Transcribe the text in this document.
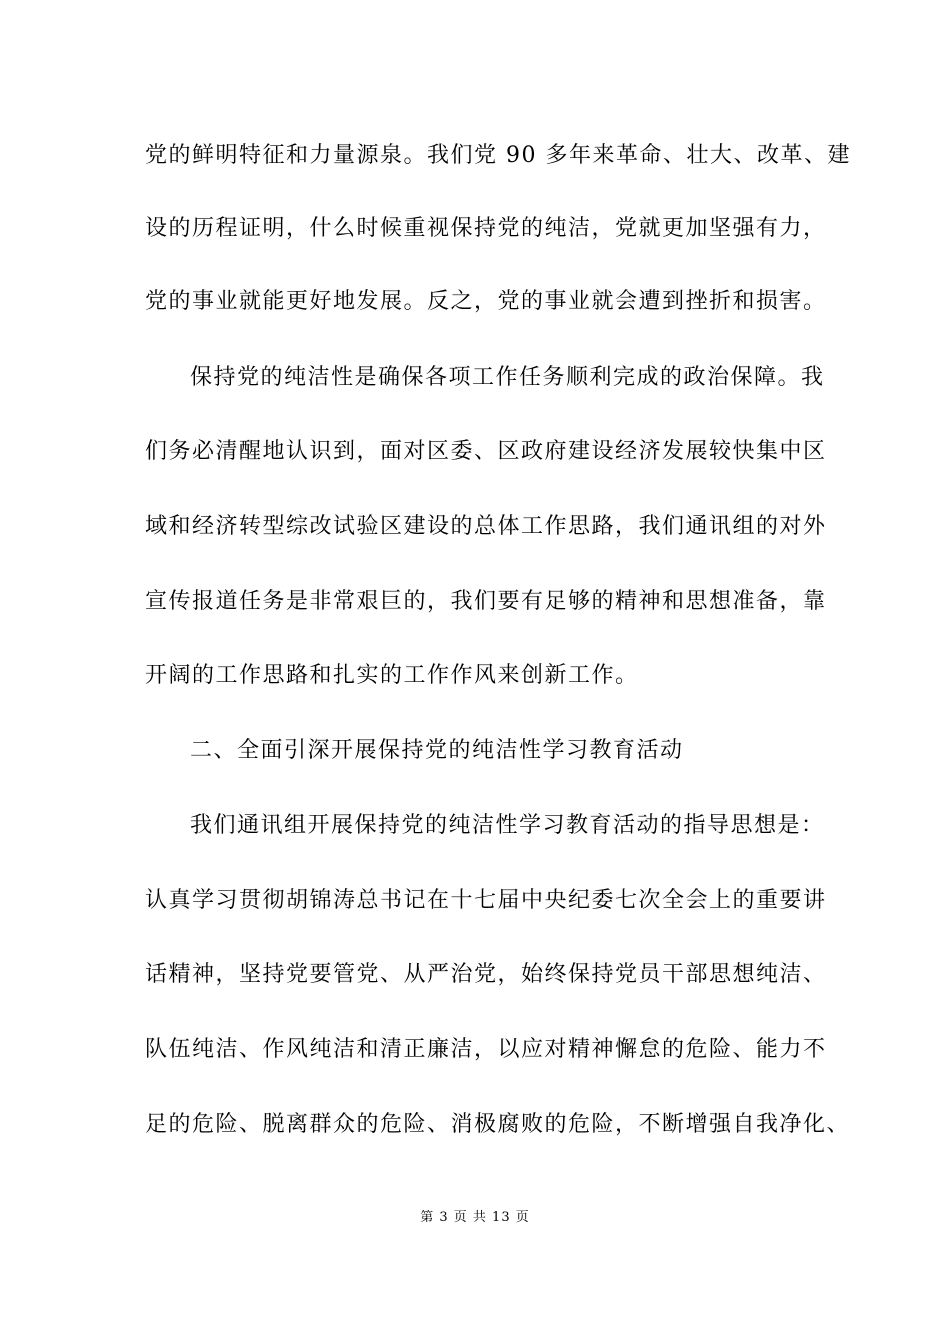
党的鲜明特征和力量源泉。我们党 90 多年来革命、壮大、改革、建
设的历程证明，什么时候重视保持党的纯洁，党就更加坚强有力，
党的事业就能更好地发展。反之，党的事业就会遭到挫折和损害。
保持党的纯洁性是确保各项工作任务顺利完成的政治保障。我
们务必清醒地认识到，面对区委、区政府建设经济发展较快集中区
域和经济转型综改试验区建设的总体工作思路，我们通讯组的对外
宣传报道任务是非常艰巨的，我们要有足够的精神和思想准备，靠
开阔的工作思路和扎实的工作作风来创新工作。
二、全面引深开展保持党的纯洁性学习教育活动
我们通讯组开展保持党的纯洁性学习教育活动的指导思想是：
认真学习贯彻胡锦涛总书记在十七届中央纪委七次全会上的重要讲
话精神，坚持党要管党、从严治党，始终保持党员干部思想纯洁、
队伍纯洁、作风纯洁和清正廉洁，以应对精神懈怠的危险、能力不
足的危险、脱离群众的危险、消极腐败的危险，不断增强自我净化、
第 3 页 共 13 页
